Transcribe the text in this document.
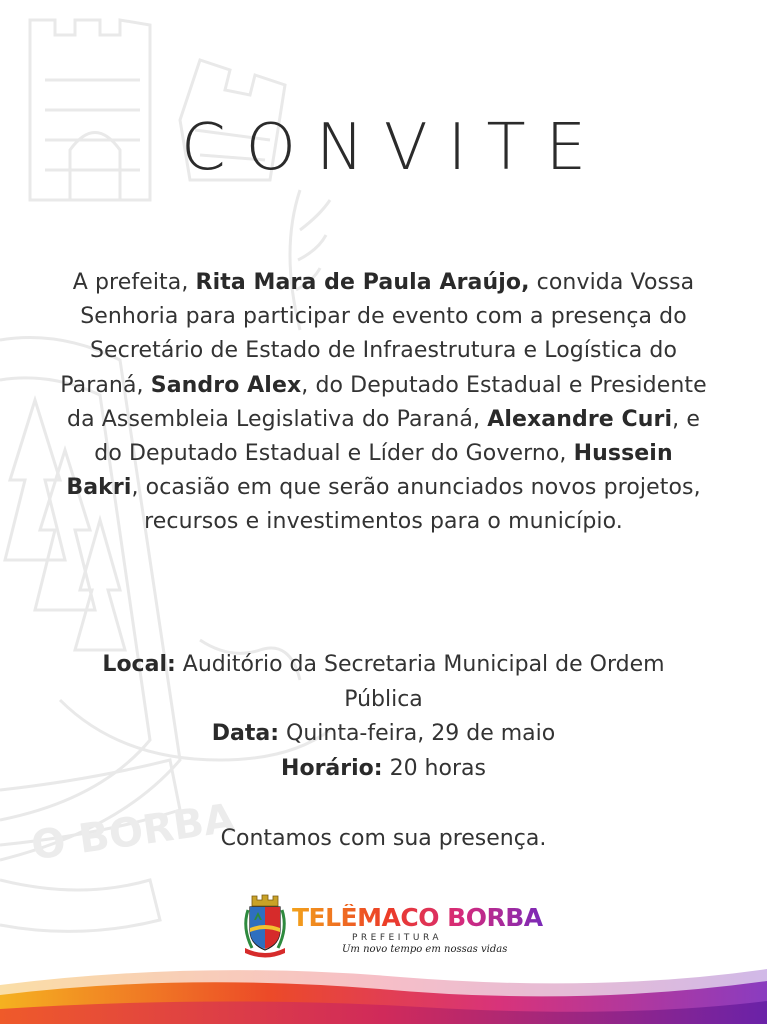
O BORBA
CONVITE
A prefeita, Rita Mara de Paula Araújo, convida Vossa Senhoria para participar de evento com a presença do Secretário de Estado de Infraestrutura e Logística do Paraná, Sandro Alex, do Deputado Estadual e Presidente da Assembleia Legislativa do Paraná, Alexandre Curi, e do Deputado Estadual e Líder do Governo, Hussein Bakri, ocasião em que serão anunciados novos projetos, recursos e investimentos para o município.
Local: Auditório da Secretaria Municipal de Ordem Pública
Data: Quinta-feira, 29 de maio
Horário: 20 horas
Contamos com sua presença.
TELÊMACO BORBA
PREFEITURA
Um novo tempo em nossas vidas
